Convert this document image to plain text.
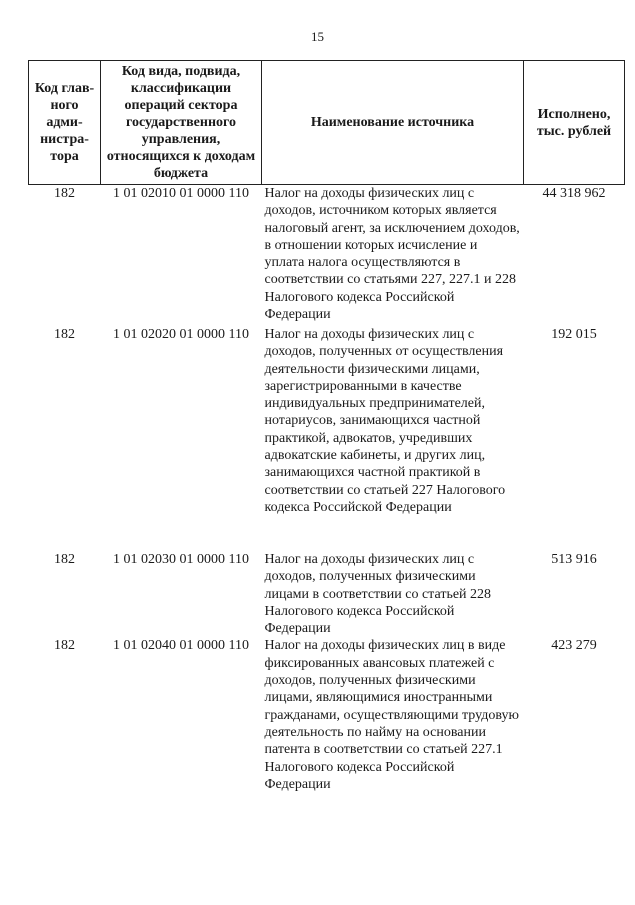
15
Код глав-ного адми-нистра-тора	Код вида, подвида, классификации операций сектора государственного управления, относящихся к доходам бюджета	Наименование источника	Исполнено, тыс. рублей
182	1 01 02010 01 0000 110	Налог на доходы физических лиц с доходов, источником которых является налоговый агент, за исключением доходов, в отношении которых исчисление и уплата налога осуществляются в соответствии со статьями 227, 227.1 и 228 Налогового кодекса Российской Федерации	44 318 962
182	1 01 02020 01 0000 110	Налог на доходы физических лиц с доходов, полученных от осуществления деятельности физическими лицами, зарегистрированными в качестве индивидуальных предпринимателей, нотариусов, занимающихся частной практикой, адвокатов, учредивших адвокатские кабинеты, и других лиц, занимающихся частной практикой в соответствии со статьей 227 Налогового кодекса Российской Федерации	192 015
182	1 01 02030 01 0000 110	Налог на доходы физических лиц с доходов, полученных физическими лицами в соответствии со статьей 228 Налогового кодекса Российской Федерации	513 916
182	1 01 02040 01 0000 110	Налог на доходы физических лиц в виде фиксированных авансовых платежей с доходов, полученных физическими лицами, являющимися иностранными гражданами, осуществляющими трудовую деятельность по найму на основании патента в соответствии со статьей 227.1 Налогового кодекса Российской Федерации	423 279
